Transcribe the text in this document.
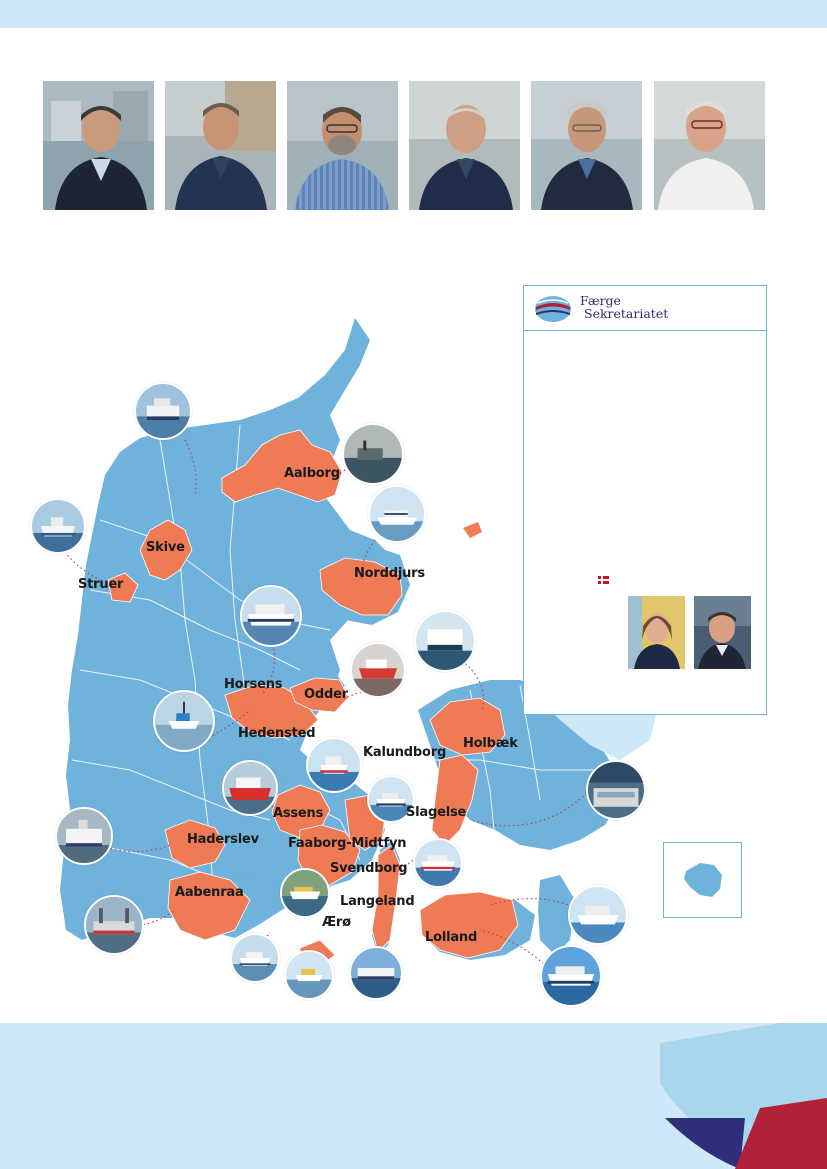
Aalborg
Skive
Struer
Norddjurs
Horsens
Odder
Hedensted
Kalundborg
Holbæk
Assens	Slagelse
Haderslev Faaborg-Midtfyn
Svendborg
Aabenraa
Langeland
Ærø
Lolland
Færge
Sekretariatet
